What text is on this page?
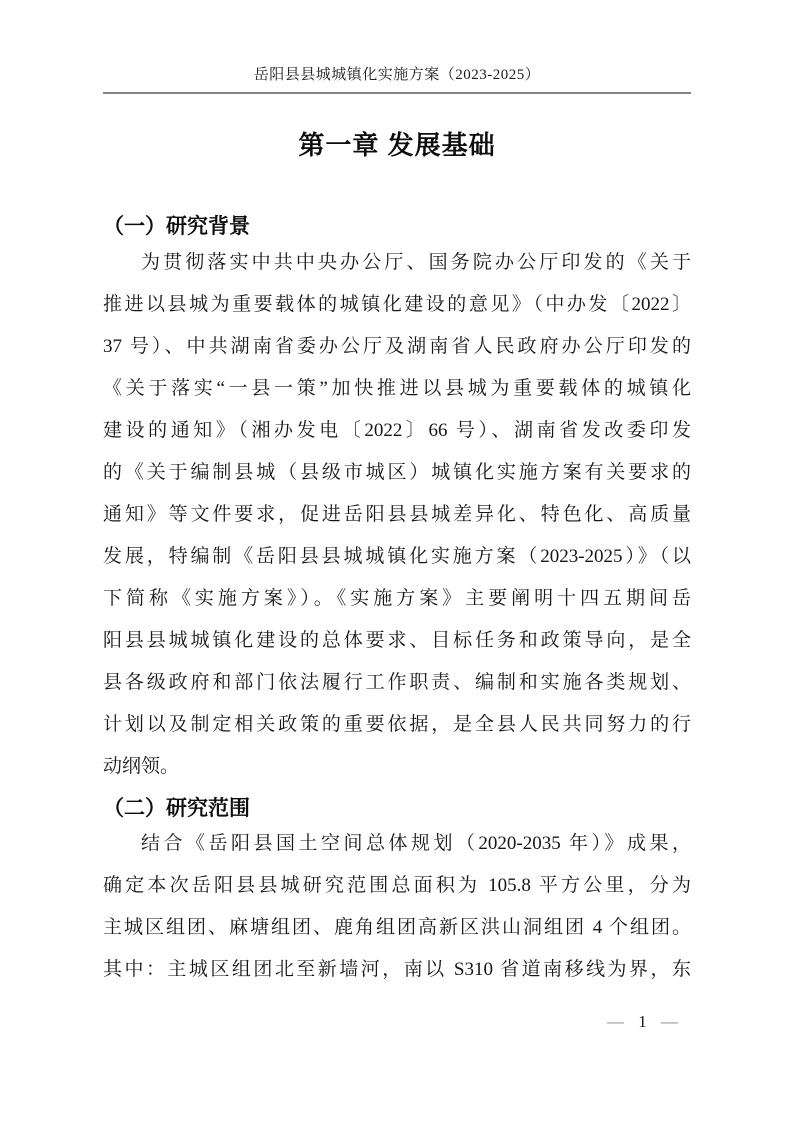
岳阳县县城城镇化实施方案（2023-2025）
第一章 发展基础
（一）研究背景
为贯彻落实中共中央办公厅、国务院办公厅印发的《关于
推进以县城为重要载体的城镇化建设的意见》（中办发〔2022〕
37 号）、中共湖南省委办公厅及湖南省人民政府办公厅印发的
《关于落实“一县一策”加快推进以县城为重要载体的城镇化
建设的通知》（湘办发电〔2022〕66 号）、湖南省发改委印发
的《关于编制县城（县级市城区）城镇化实施方案有关要求的
通知》等文件要求，促进岳阳县县城差异化、特色化、高质量
发展，特编制《岳阳县县城城镇化实施方案（2023-2025）》（以
下简称《实施方案》）。《实施方案》主要阐明十四五期间岳
阳县县城城镇化建设的总体要求、目标任务和政策导向，是全
县各级政府和部门依法履行工作职责、编制和实施各类规划、
计划以及制定相关政策的重要依据，是全县人民共同努力的行
动纲领。
（二）研究范围
结合《岳阳县国土空间总体规划（2020-2035 年）》成果，
确定本次岳阳县县城研究范围总面积为 105.8 平方公里，分为
主城区组团、麻塘组团、鹿角组团高新区洪山洞组团 4 个组团。
其中：主城区组团北至新墙河，南以 S310 省道南移线为界，东
— 1 —
